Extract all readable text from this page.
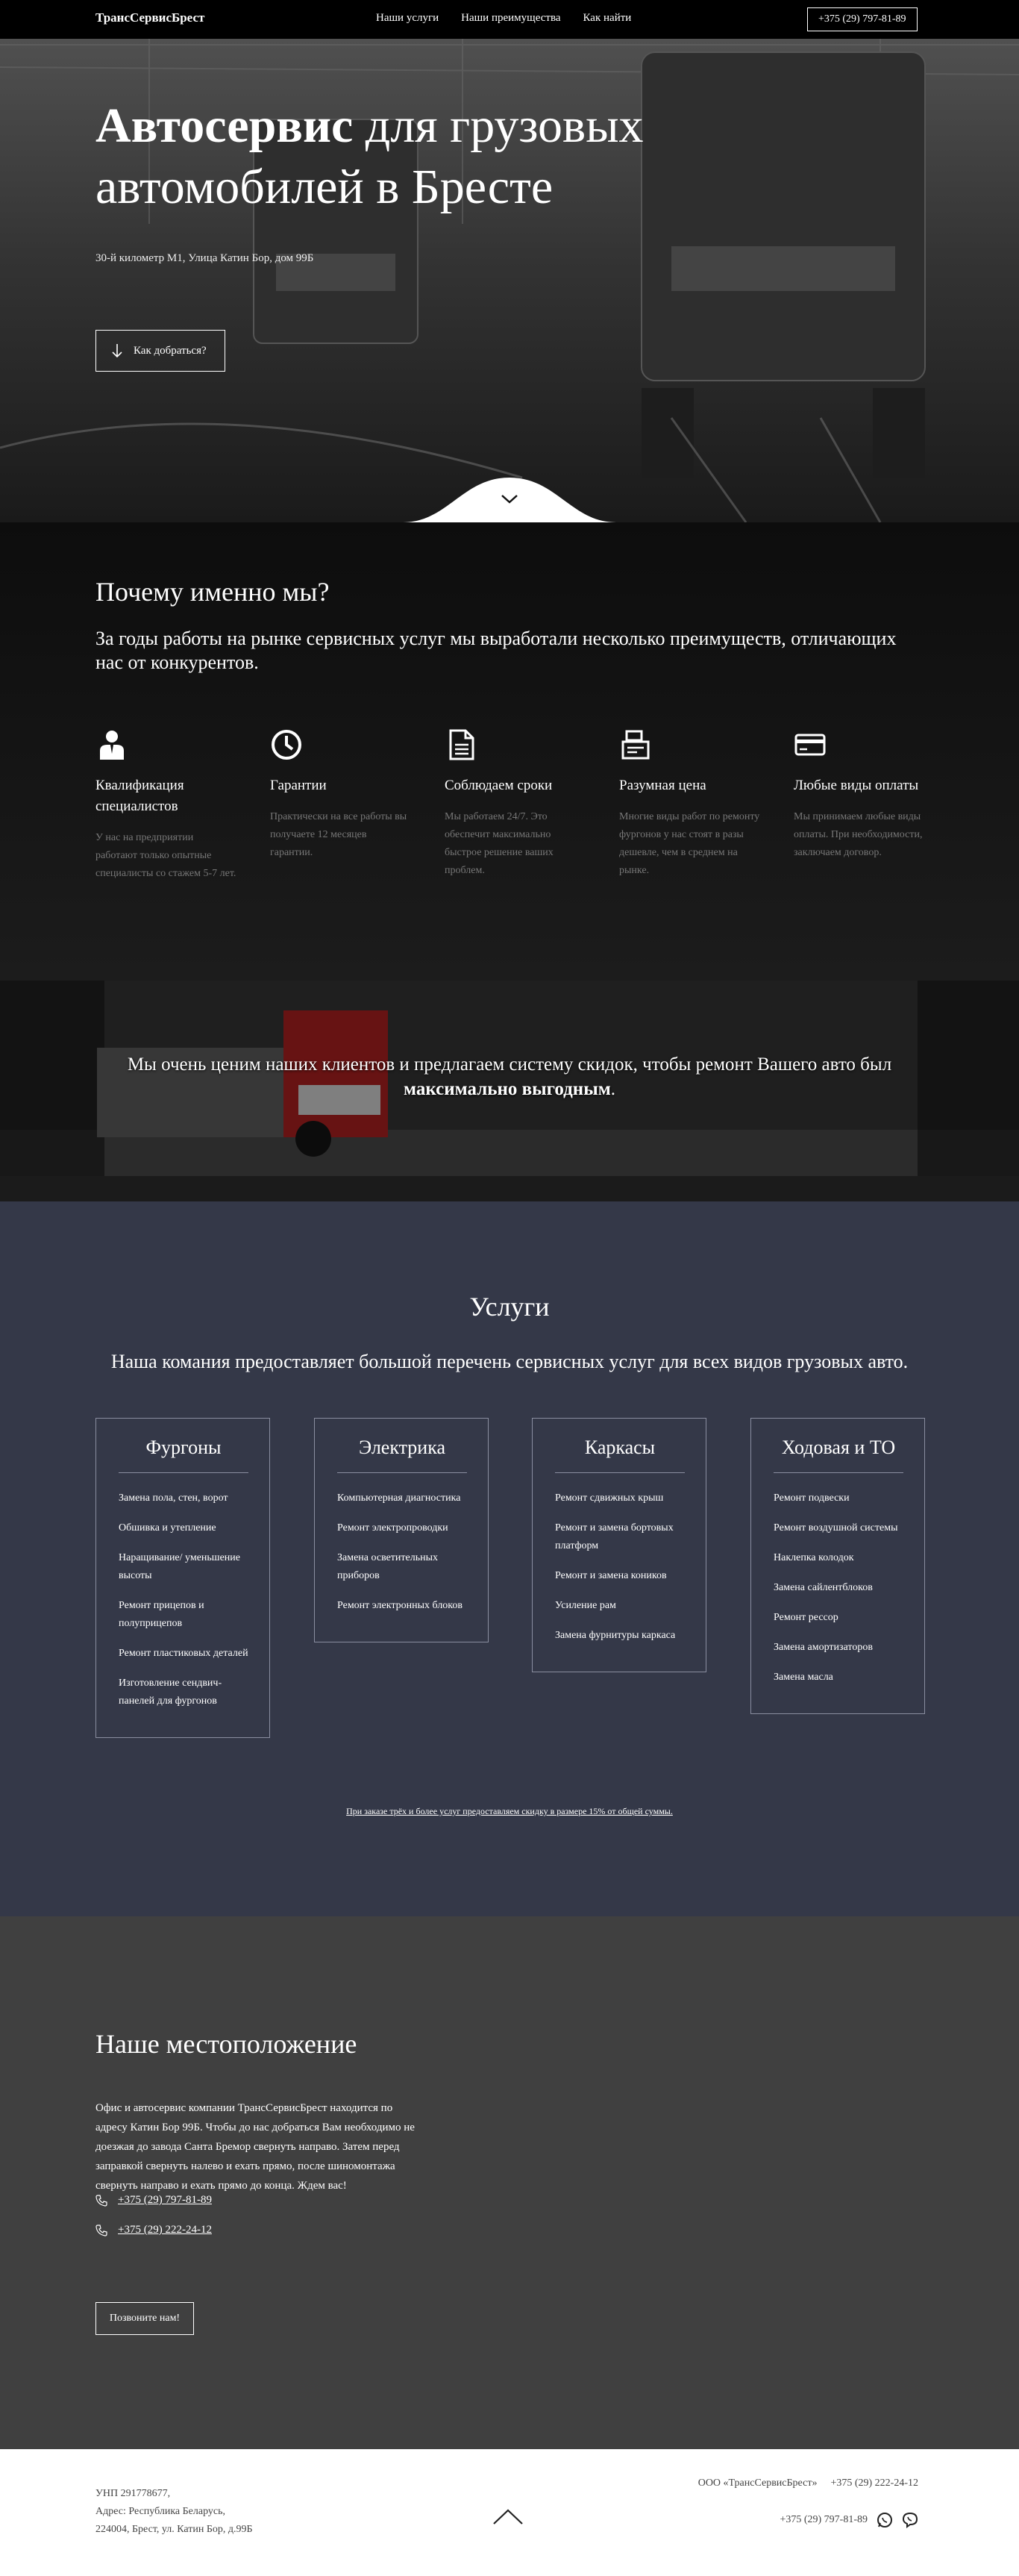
ТрансСервисБрест	Наши услуги Наши преимущества Как найти	+375 (29) 797-81-89
Автосервис для грузовых автомобилей в Бресте
30-й километр М1, Улица Катин Бор, дом 99Б
Как добраться?
Почему именно мы?

За годы работы на рынке сервисных услуг мы выработали несколько преимуществ, отличающих нас от конкурентов.

Квалификация специалистов

У нас на предприятии работают только опытные специалисты со стажем 5-7 лет.

Гарантии

Практически на все работы вы получаете 12 месяцев гарантии.

Соблюдаем сроки

Мы работаем 24/7. Это обеспечит максимально быстрое решение ваших проблем.

Разумная цена

Многие виды работ по ремонту фургонов у нас стоят в разы дешевле, чем в среднем на рынке.

Любые виды оплаты

Мы принимаем любые виды оплаты. При необходимости, заключаем договор.

Мы очень ценим наших клиентов и предлагаем систему скидок, чтобы ремонт Вашего авто был максимально выгодным.

Услуги

Наша комания предоставляет большой перечень сервисных услуг для всех видов грузовых авто.

Фургоны
Замена пола, стен, ворот
Обшивка и утепление
Наращивание/ уменьшение высоты
Ремонт прицепов и полуприцепов
Ремонт пластиковых деталей
Изготовление сендвич-панелей для фургонов
Электрика
Компьютерная диагностика
Ремонт электропроводки
Замена осветительных приборов
Ремонт электронных блоков
Каркасы
Ремонт сдвижных крыш
Ремонт и замена бортовых платформ
Ремонт и замена коников
Усиление рам
Замена фурнитуры каркаса
Ходовая и ТО
Ремонт подвески
Ремонт воздушной системы
Наклепка колодок
Замена сайлентблоков
Ремонт рессор
Замена амортизаторов
Замена масла
При заказе трёх и более услуг предоставляем скидку в размере 15% от общей суммы.
Наше местоположение

Офис и автосервис компании ТрансСервисБрест находится по адресу Катин Бор 99Б. Чтобы до нас добраться Вам необходимо не доезжая до завода Санта Бремор свернуть направо. Затем перед заправкой свернуть налево и ехать прямо, после шиномонтажа свернуть направо и ехать прямо до конца. Ждем вас!

+375 (29) 797-81-89
+375 (29) 222-24-12
Позвоните нам!
УНП 291778677,
Адрес: Республика Беларусь,
224004, Брест, ул. Катин Бор, д.99Б
ООО «ТрансСервисБрест» +375 (29) 222-24-12
+375 (29) 797-81-89
